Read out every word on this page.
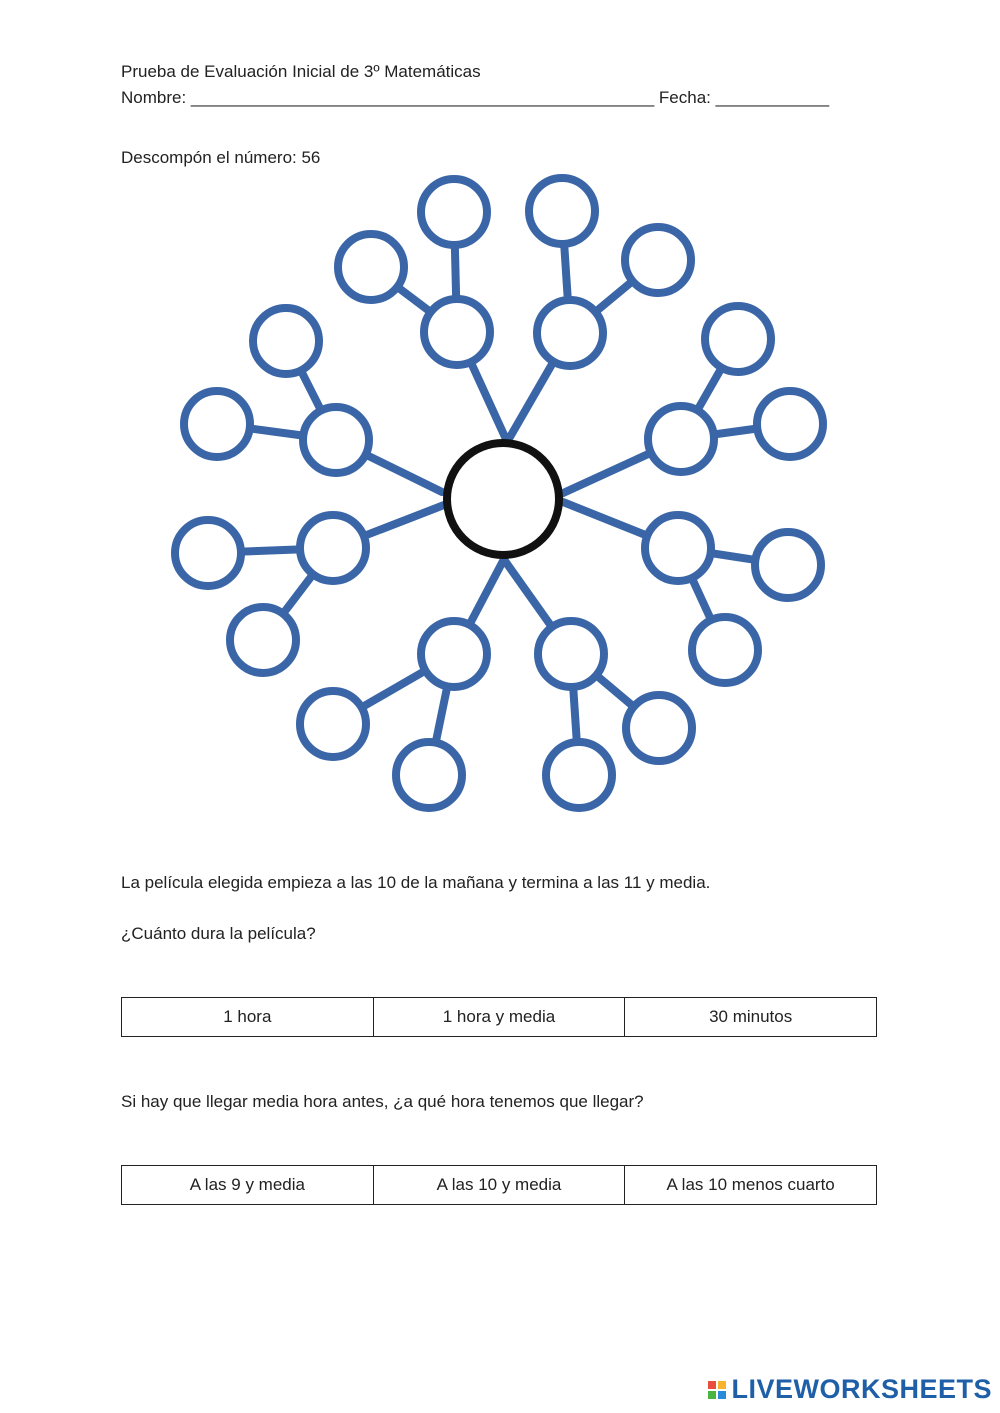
Prueba de Evaluación Inicial de 3º Matemáticas
Nombre: _________________________________________________ Fecha: ____________
Descompón el número: 56
La película elegida empieza a las 10 de la mañana y termina a las 11 y media.
¿Cuánto dura la película?
1 hora	1 hora y media	30 minutos
Si hay que llegar media hora antes, ¿a qué hora tenemos que llegar?
A las 9 y media	A las 10 y media	A las 10 menos cuarto
LIVEWORKSHEETS
